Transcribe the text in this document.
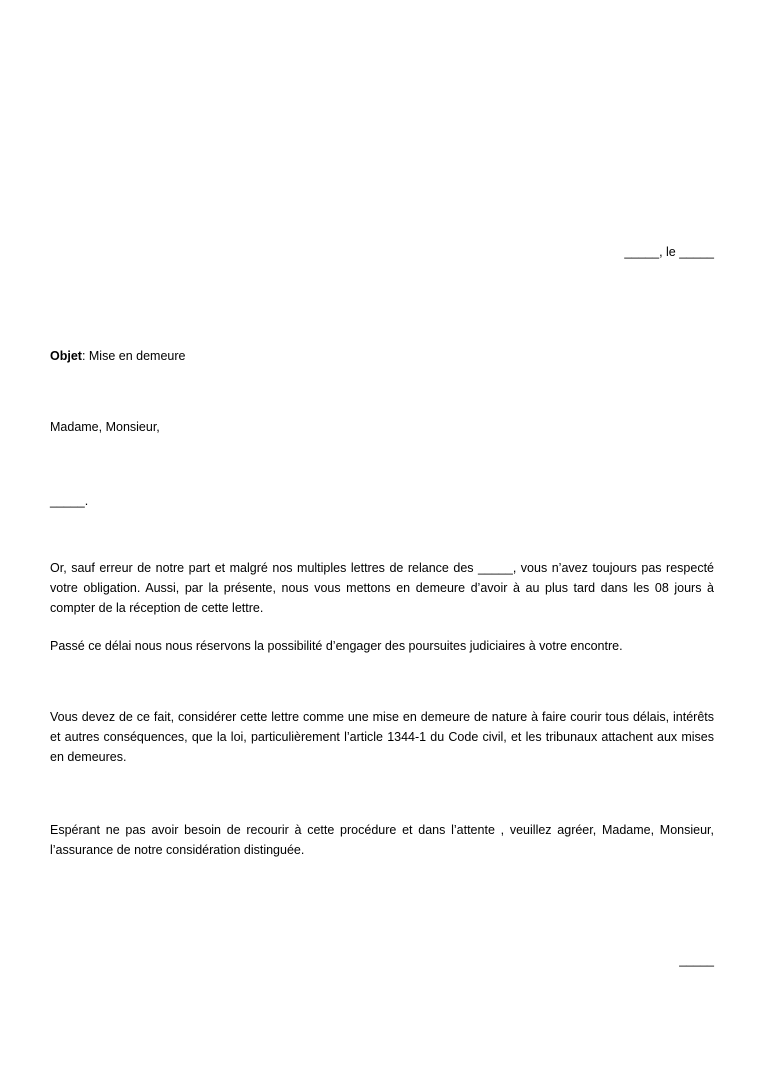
_____, le _____
Objet: Mise en demeure
Madame, Monsieur,
_____.
Or, sauf erreur de notre part et malgré nos multiples lettres de relance des _____, vous n’avez toujours pas respecté votre obligation. Aussi, par la présente, nous vous mettons en demeure d’avoir à au plus tard dans les 08 jours à compter de la réception de cette lettre.
Passé ce délai nous nous réservons la possibilité d’engager des poursuites judiciaires à votre encontre.
Vous devez de ce fait, considérer cette lettre comme une mise en demeure de nature à faire courir tous délais, intérêts et autres conséquences, que la loi, particulièrement l’article 1344-1 du Code civil, et les tribunaux attachent aux mises en demeures.
Espérant ne pas avoir besoin de recourir à cette procédure et dans l’attente , veuillez agréer, Madame, Monsieur, l’assurance de notre considération distinguée.
_____
